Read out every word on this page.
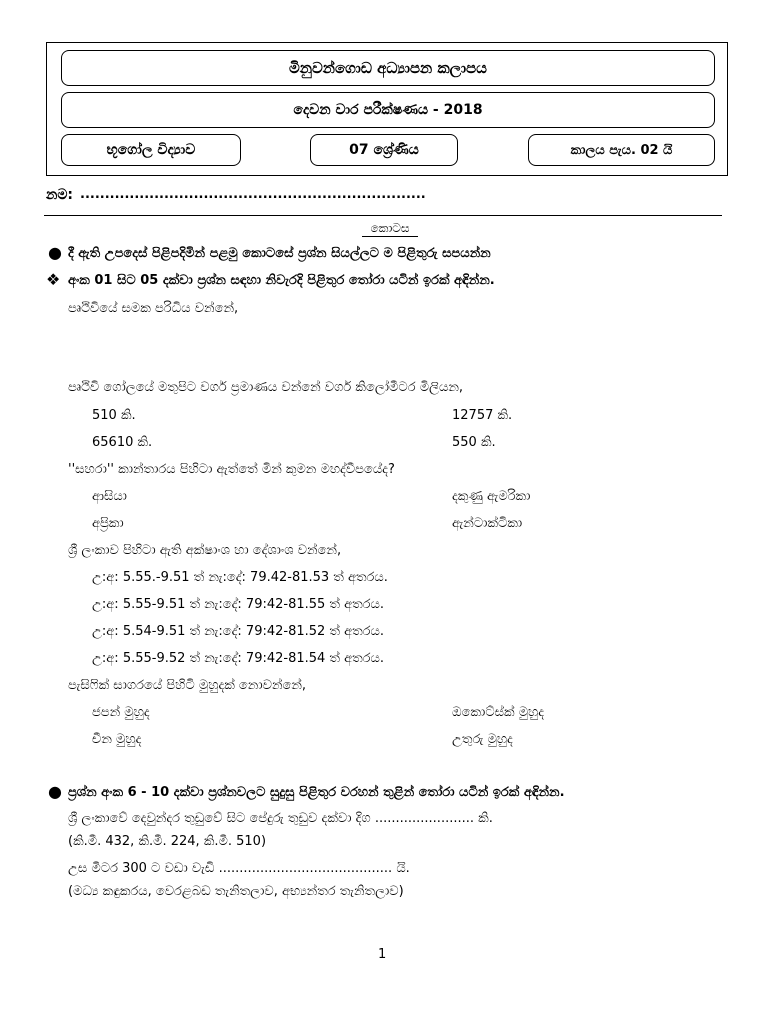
මිනුවන්ගොඩ අධ්‍යාපන කලාපය
දෙවන වාර පරීක්ෂණය - 2018
භූගෝල විද්‍යාව	07 ශ්‍රේණිය	කාලය පැය. 02 යි
නම: ......................................................................
කොටස
● දී ඇති උපදෙස් පිළිපදිමින් පළමු කොටසේ ප්‍රශ්න සියල්ලට ම පිළිතුරු සපයන්න
❖ අංක 01 සිට 05 දක්වා ප්‍රශ්න සඳහා නිවැරදි පිළිතුර තෝරා යටින් ඉරක් අඳින්න.
පෘථිවියේ සමක පරිධිය වන්නේ,
පෘථිවි ගෝලයේ මතුපිට වර්ග ප්‍රමාණය වන්නේ වර්ග කිලෝමීටර මිලියන,
510 කි.	12757 කි.
65610 කි.	550 කි.
''සහරා'' කාන්තාරය පිහිටා ඇත්තේ මින් කුමන මහද්වීපයේද?
ආසියා	දකුණු ඇමරිකා
අප්‍රිකා	ඇන්ටාක්ටිකා
ශ්‍රී ලංකාව පිහිටා ඇති අක්ෂාංශ හා දේශාංශ වන්නේ,
උ:අ: 5.55.-9.51 ත් නැ:දේ: 79.42-81.53 ත් අතරය.
උ:අ: 5.55-9.51 ත් නැ:දේ: 79:42-81.55 ත් අතරය.
උ:අ: 5.54-9.51 ත් නැ:දේ: 79:42-81.52 ත් අතරය.
උ:අ: 5.55-9.52 ත් නැ:දේ: 79:42-81.54 ත් අතරය.
පැසිෆික් සාගරයේ පිහිටි මුහුදක් නොවන්නේ,
ජපන් මුහුද	ඔකොට්ස්ක් මුහුද
චීන මුහුද	උතුරු මුහුද
● ප්‍රශ්න අංක 6 - 10 දක්වා ප්‍රශ්නවලට සුදුසු පිළිතුර වරහන් තුළින් තෝරා යටින් ඉරක් අඳින්න.
ශ්‍රී ලංකාවේ දෙවුන්දර තුඩුවේ සිට පේදුරු තුඩුව දක්වා දිග ........................ කි.
(කි.මී. 432, කි.මී. 224, කි.මී. 510)
උස මීටර 300 ට වඩා වැඩි .......................................... යි.
(මධ්‍ය කඳුකරය, වෙරළබඩ තැනිතලාව, අභ්‍යන්තර තැනිතලාව)
1
